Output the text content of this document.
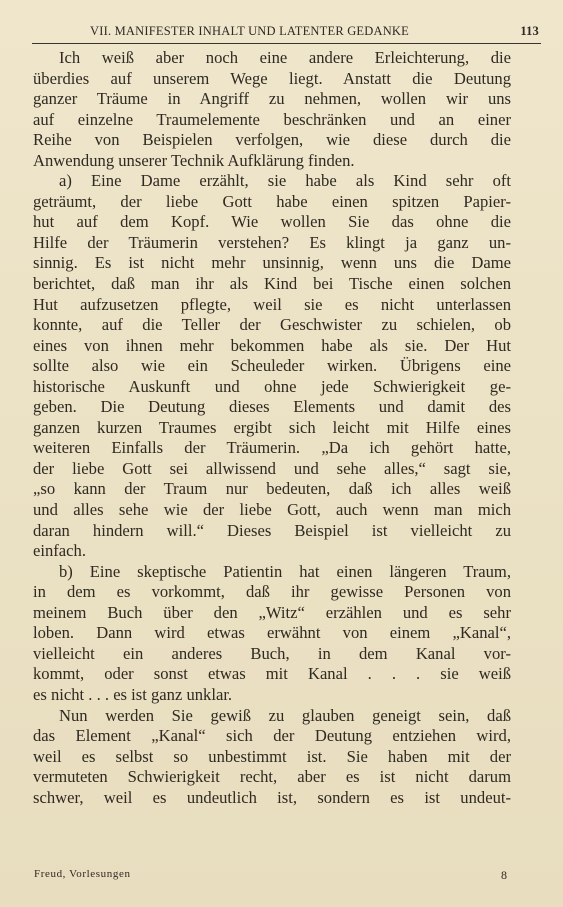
VII. MANIFESTER INHALT UND LATENTER GEDANKE	113
Ich weiß aber noch eine andere Erleichterung, die
überdies auf unserem Wege liegt. Anstatt die Deutung
ganzer Träume in Angriff zu nehmen, wollen wir uns
auf einzelne Traumelemente beschränken und an einer
Reihe von Beispielen verfolgen, wie diese durch die
Anwendung unserer Technik Aufklärung finden.
a) Eine Dame erzählt, sie habe als Kind sehr oft
geträumt, der liebe Gott habe einen spitzen Papier-
hut auf dem Kopf. Wie wollen Sie das ohne die
Hilfe der Träumerin verstehen? Es klingt ja ganz un-
sinnig. Es ist nicht mehr unsinnig, wenn uns die Dame
berichtet, daß man ihr als Kind bei Tische einen solchen
Hut aufzusetzen pflegte, weil sie es nicht unterlassen
konnte, auf die Teller der Geschwister zu schielen, ob
eines von ihnen mehr bekommen habe als sie. Der Hut
sollte also wie ein Scheuleder wirken. Übrigens eine
historische Auskunft und ohne jede Schwierigkeit ge-
geben. Die Deutung dieses Elements und damit des
ganzen kurzen Traumes ergibt sich leicht mit Hilfe eines
weiteren Einfalls der Träumerin. „Da ich gehört hatte,
der liebe Gott sei allwissend und sehe alles,“ sagt sie,
„so kann der Traum nur bedeuten, daß ich alles weiß
und alles sehe wie der liebe Gott, auch wenn man mich
daran hindern will.“ Dieses Beispiel ist vielleicht zu
einfach.
b) Eine skeptische Patientin hat einen längeren Traum,
in dem es vorkommt, daß ihr gewisse Personen von
meinem Buch über den „Witz“ erzählen und es sehr
loben. Dann wird etwas erwähnt von einem „Kanal“,
vielleicht ein anderes Buch, in dem Kanal vor-
kommt, oder sonst etwas mit Kanal . . . sie weiß
es nicht . . . es ist ganz unklar.
Nun werden Sie gewiß zu glauben geneigt sein, daß
das Element „Kanal“ sich der Deutung entziehen wird,
weil es selbst so unbestimmt ist. Sie haben mit der
vermuteten Schwierigkeit recht, aber es ist nicht darum
schwer, weil es undeutlich ist, sondern es ist undeut-
Freud, Vorlesungen	8
